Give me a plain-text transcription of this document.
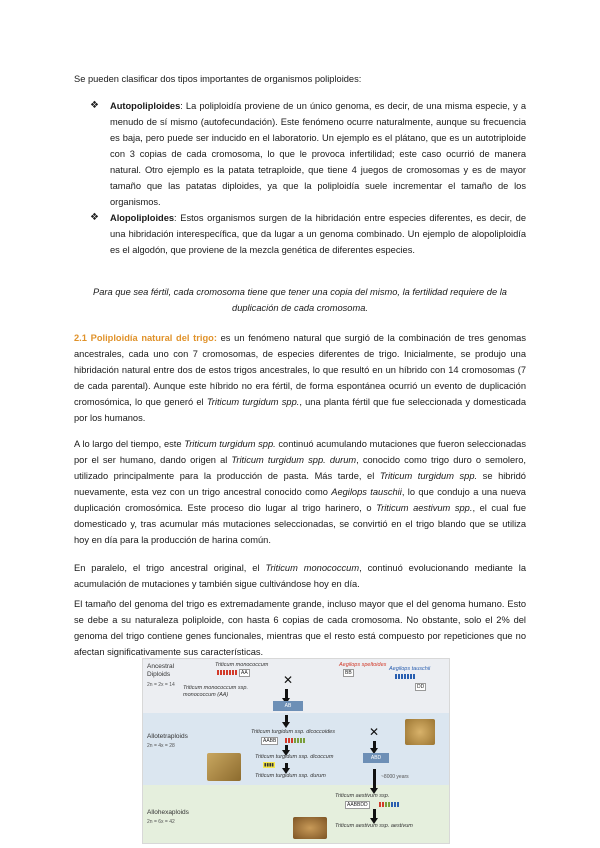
Se pueden clasificar dos tipos importantes de organismos poliploides:

❖ Autopoliploides: La poliploidía proviene de un único genoma, es decir, de una misma especie, y a menudo de sí mismo (autofecundación). Este fenómeno ocurre naturalmente, aunque su frecuencia es baja, pero puede ser inducido en el laboratorio. Un ejemplo es el plátano, que es un autotriploide con 3 copias de cada cromosoma, lo que le provoca infertilidad; este caso ocurrió de manera natural. Otro ejemplo es la patata tetraploide, que tiene 4 juegos de cromosomas y es de mayor tamaño que las patatas diploides, ya que la poliploidía suele incrementar el tamaño de los organismos.
❖ Alopoliploides: Estos organismos surgen de la hibridación entre especies diferentes, es decir, de una hibridación interespecífica, que da lugar a un genoma combinado. Un ejemplo de alopoliploidía es el algodón, que proviene de la mezcla genética de diferentes especies.

Para que sea fértil, cada cromosoma tiene que tener una copia del mismo, la fertilidad requiere de la duplicación de cada cromosoma.

2.1 Poliploidía natural del trigo: es un fenómeno natural que surgió de la combinación de tres genomas ancestrales, cada uno con 7 cromosomas, de especies diferentes de trigo. Inicialmente, se produjo una hibridación natural entre dos de estos trigos ancestrales, lo que resultó en un híbrido con 14 cromosomas (7 de cada parental). Aunque este híbrido no era fértil, de forma espontánea ocurrió un evento de duplicación cromosómica, lo que generó el Triticum turgidum spp., una planta fértil que fue seleccionada y domesticada por los humanos.

A lo largo del tiempo, este Triticum turgidum spp. continuó acumulando mutaciones que fueron seleccionadas por el ser humano, dando origen al Triticum turgidum spp. durum, conocido como trigo duro o semolero, utilizado principalmente para la producción de pasta. Más tarde, el Triticum turgidum spp. se hibridó nuevamente, esta vez con un trigo ancestral conocido como Aegilops tauschii, lo que condujo a una nueva duplicación cromosómica. Este proceso dio lugar al trigo harinero, o Triticum aestivum spp., el cual fue domesticado y, tras acumular más mutaciones seleccionadas, se convirtió en el trigo blando que se utiliza hoy en día para la producción de harina común.

En paralelo, el trigo ancestral original, el Triticum monococcum, continuó evolucionando mediante la acumulación de mutaciones y también sigue cultivándose hoy en día.

El tamaño del genoma del trigo es extremadamente grande, incluso mayor que el del genoma humano. Esto se debe a su naturaleza poliploide, con hasta 6 copias de cada cromosoma. No obstante, solo el 2% del genoma del trigo contiene genes funcionales, mientras que el resto está compuesto por repeticiones que no afectan significativamente sus características.

Ancestral Diploids
2n = 2x = 14
Allotetraploids
2n = 4x = 28
Allohexaploids
2n = 6x = 42
Triticum monococcum
AA
Aegilops speltoides
BB
Aegilops tauschii
DD
Triticum monococcum ssp. monococcum (AA)
✕
AB
Triticum turgidum ssp. dicoccoides
AABB
Triticum turgidum ssp. dicoccum
▮▮▮▮
Triticum turgidum ssp. durum
✕
ABD
~8000 years
Triticum aestivum ssp.
AABBDD
Triticum aestivum ssp. aestivum
